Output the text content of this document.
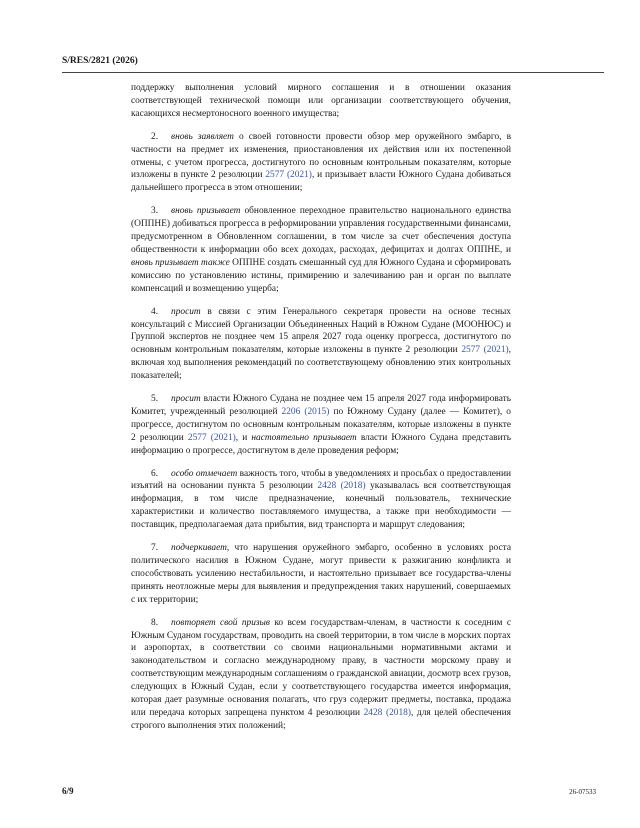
S/RES/2821 (2026)

поддержку выполнения условий мирного соглашения и в отношении оказания соответствующей технической помощи или организации соответствующего обучения, касающихся несмертоносного военного имущества;

2. вновь заявляет о своей готовности провести обзор мер оружейного эмбарго, в частности на предмет их изменения, приостановления их действия или их постепенной отмены, с учетом прогресса, достигнутого по основным контрольным показателям, которые изложены в пункте 2 резолюции 2577 (2021), и призывает власти Южного Судана добиваться дальнейшего прогресса в этом отношении;

3. вновь призывает обновленное переходное правительство национального единства (ОППНЕ) добиваться прогресса в реформировании управления государственными финансами, предусмотренном в Обновленном соглашении, в том числе за счет обеспечения доступа общественности к информации обо всех доходах, расходах, дефицитах и долгах ОППНЕ, и вновь призывает также ОППНЕ создать смешанный суд для Южного Судана и сформировать комиссию по установлению истины, примирению и залечиванию ран и орган по выплате компенсаций и возмещению ущерба;

4. просит в связи с этим Генерального секретаря провести на основе тесных консультаций с Миссией Организации Объединенных Наций в Южном Судане (МООНЮС) и Группой экспертов не позднее чем 15 апреля 2027 года оценку прогресса, достигнутого по основным контрольным показателям, которые изложены в пункте 2 резолюции 2577 (2021), включая ход выполнения рекомендаций по соответствующему обновлению этих контрольных показателей;

5. просит власти Южного Судана не позднее чем 15 апреля 2027 года информировать Комитет, учрежденный резолюцией 2206 (2015) по Южному Судану (далее — Комитет), о прогрессе, достигнутом по основным контрольным показателям, которые изложены в пункте 2 резолюции 2577 (2021), и настоятельно призывает власти Южного Судана представить информацию о прогрессе, достигнутом в деле проведения реформ;

6. особо отмечает важность того, чтобы в уведомлениях и просьбах о предоставлении изъятий на основании пункта 5 резолюции 2428 (2018) указывалась вся соответствующая информация, в том числе предназначение, конечный пользователь, технические характеристики и количество поставляемого имущества, а также при необходимости — поставщик, предполагаемая дата прибытия, вид транспорта и маршрут следования;

7. подчеркивает, что нарушения оружейного эмбарго, особенно в условиях роста политического насилия в Южном Судане, могут привести к разжиганию конфликта и способствовать усилению нестабильности, и настоятельно призывает все государства-члены принять неотложные меры для выявления и предупреждения таких нарушений, совершаемых с их территории;

8. повторяет свой призыв ко всем государствам-членам, в частности к соседним с Южным Суданом государствам, проводить на своей территории, в том числе в морских портах и аэропортах, в соответствии со своими национальными нормативными актами и законодательством и согласно международному праву, в частности морскому праву и соответствующим международным соглашениям о гражданской авиации, досмотр всех грузов, следующих в Южный Судан, если у соответствующего государства имеется информация, которая дает разумные основания полагать, что груз содержит предметы, поставка, продажа или передача которых запрещена пунктом 4 резолюции 2428 (2018), для целей обеспечения строгого выполнения этих положений;

6/9	26-07533
